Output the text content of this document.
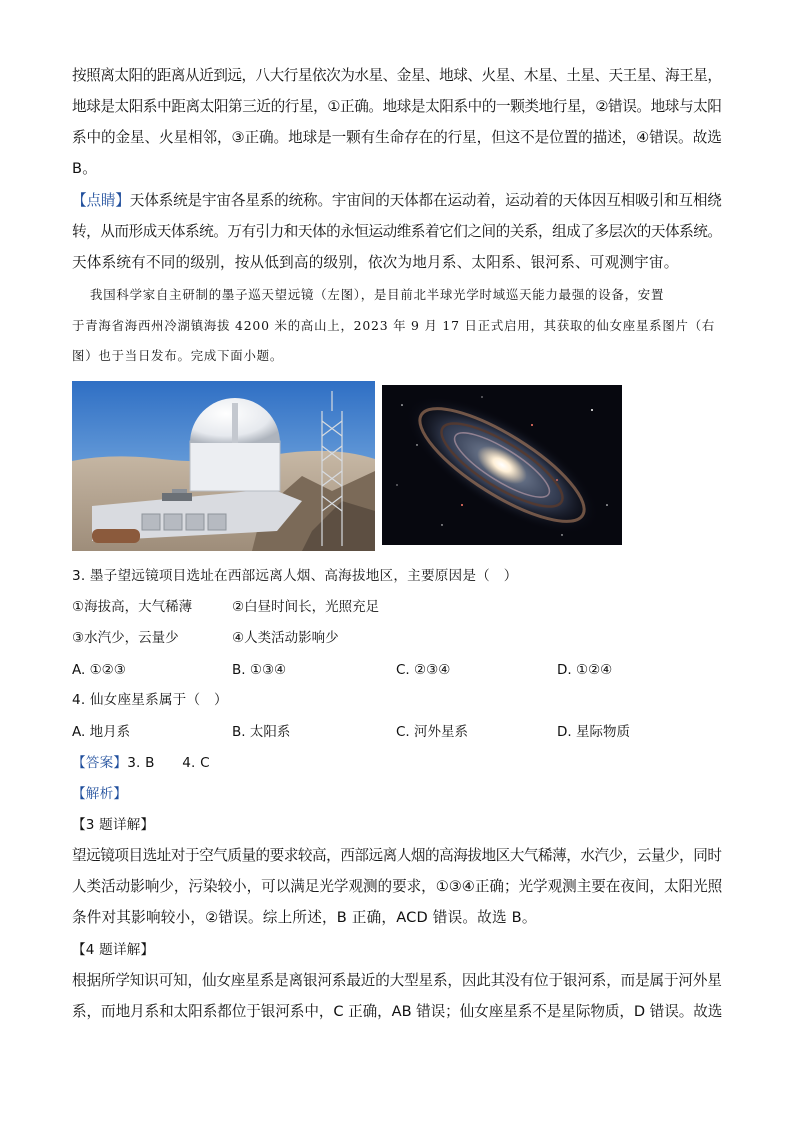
按照离太阳的距离从近到远，八大行星依次为水星、金星、地球、火星、木星、土星、天王星、海王星，
地球是太阳系中距离太阳第三近的行星，①正确。地球是太阳系中的一颗类地行星，②错误。地球与太阳
系中的金星、火星相邻，③正确。地球是一颗有生命存在的行星，但这不是位置的描述，④错误。故选
B。
【点睛】天体系统是宇宙各星系的统称。宇宙间的天体都在运动着，运动着的天体因互相吸引和互相绕
转，从而形成天体系统。万有引力和天体的永恒运动维系着它们之间的关系，组成了多层次的天体系统。
天体系统有不同的级别，按从低到高的级别，依次为地月系、太阳系、银河系、可观测宇宙。
我国科学家自主研制的墨子巡天望远镜（左图），是目前北半球光学时域巡天能力最强的设备，安置
于青海省海西州冷湖镇海拔 4200 米的高山上，2023 年 9 月 17 日正式启用，其获取的仙女座星系图片（右
图）也于当日发布。完成下面小题。
3. 墨子望远镜项目选址在西部远离人烟、高海拔地区，主要原因是（　）
①海拔高，大气稀薄	②白昼时间长，光照充足
③水汽少，云量少	④人类活动影响少
A. ①②③	B. ①③④	C. ②③④	D. ①②④
4. 仙女座星系属于（　）
A. 地月系	B. 太阳系	C. 河外星系	D. 星际物质
【答案】3. B　　4. C
【解析】
【3 题详解】
望远镜项目选址对于空气质量的要求较高，西部远离人烟的高海拔地区大气稀薄，水汽少，云量少，同时
人类活动影响少，污染较小，可以满足光学观测的要求，①③④正确；光学观测主要在夜间，太阳光照
条件对其影响较小，②错误。综上所述，B 正确，ACD 错误。故选 B。
【4 题详解】
根据所学知识可知，仙女座星系是离银河系最近的大型星系，因此其没有位于银河系，而是属于河外星
系，而地月系和太阳系都位于银河系中，C 正确，AB 错误；仙女座星系不是星际物质，D 错误。故选
